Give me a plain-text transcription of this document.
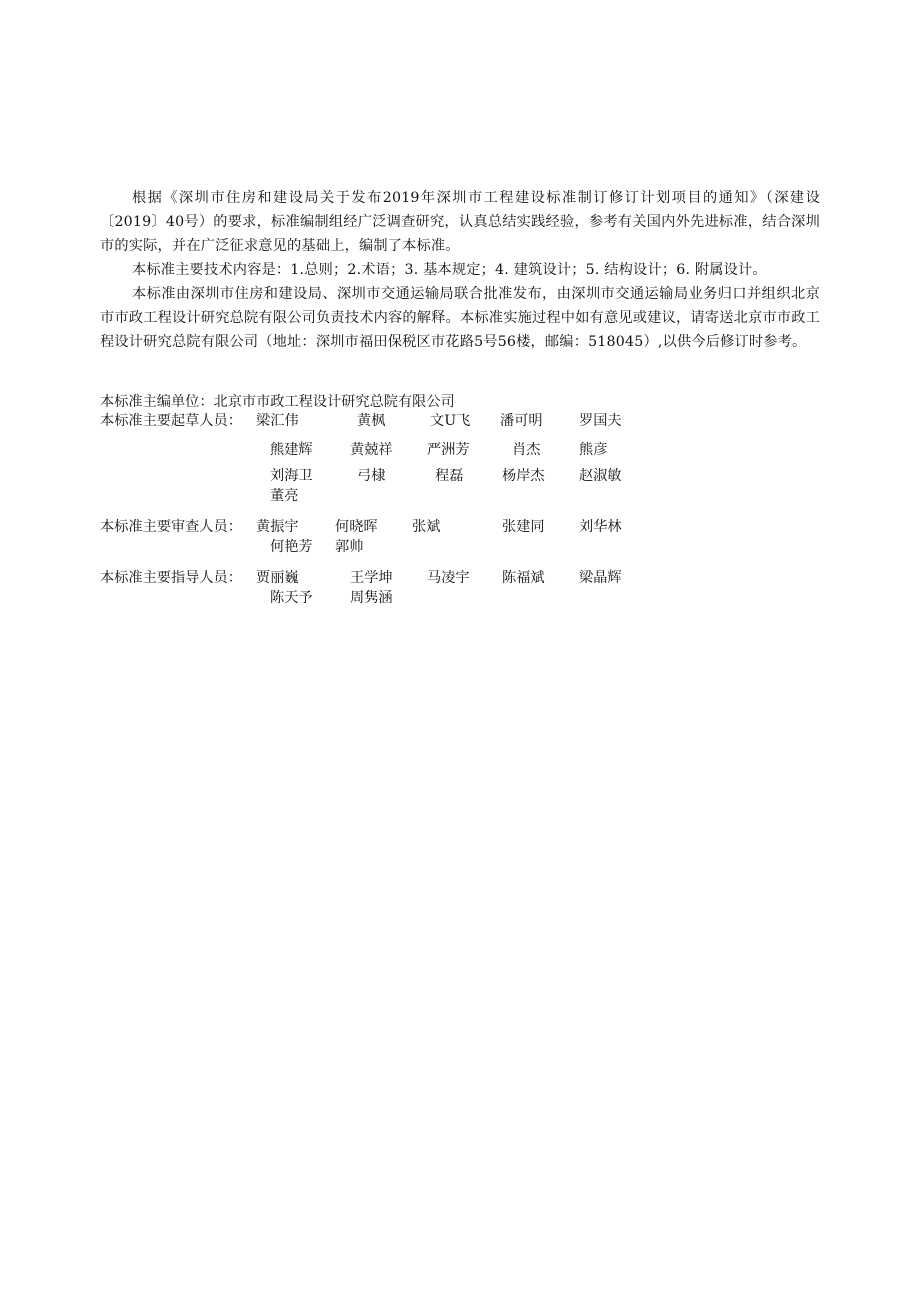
根据《深圳市住房和建设局关于发布2019年深圳市工程建设标准制订修订计划项目的通知》（深建设〔2019〕40号）的要求，标准编制组经广泛调查研究，认真总结实践经验，参考有关国内外先进标准，结合深圳市的实际，并在广泛征求意见的基础上，编制了本标准。

本标准主要技术内容是：1.总则；2.术语；3. 基本规定；4. 建筑设计；5. 结构设计；6. 附属设计。

本标准由深圳市住房和建设局、深圳市交通运输局联合批准发布，由深圳市交通运输局业务归口并组织北京市市政工程设计研究总院有限公司负责技术内容的解释。本标准实施过程中如有意见或建议，请寄送北京市市政工程设计研究总院有限公司（地址：深圳市福田保税区市花路5号56楼，邮编：518045）,以供今后修订时参考。

本标准主编单位：北京市市政工程设计研究总院有限公司
本标准主要起草人员： 梁汇伟	黄枫	文U飞 潘可明	罗国夫
熊建辉	黄兢祥 严洲芳	肖杰	熊彦
刘海卫	弓棣	程磊	杨岸杰 赵淑敏
董亮
本标准主要审查人员： 黄振宇	何晓晖 张斌	张建同 刘华林
何艳芳 郭帅
本标准主要指导人员： 贾丽巍	王学坤 马凌宇 陈福斌 梁晶辉
陈天予	周隽涵
